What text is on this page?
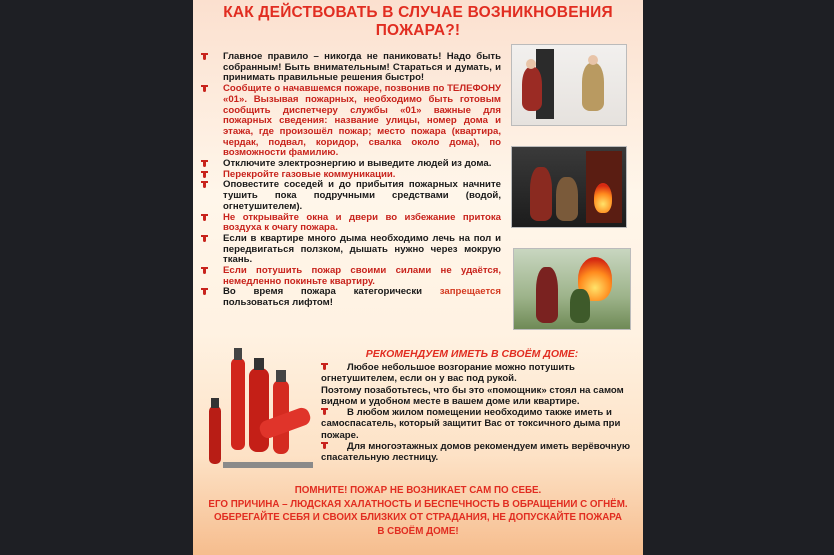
КАК ДЕЙСТВОВАТЬ В СЛУЧАЕ ВОЗНИКНОВЕНИЯ
ПОЖАРА?!
Главное правило – никогда не паниковать! Надо быть собранным! Быть внимательным! Стараться и думать, и принимать правильные решения быстро!
Сообщите о начавшемся пожаре, позвонив по ТЕЛЕФОНУ «01». Вызывая пожарных, необходимо быть готовым сообщить диспетчеру службы «01» важные для пожарных сведения: название улицы, номер дома и этажа, где произошёл пожар; место пожара (квартира, чердак, подвал, коридор, свалка около дома), по возможности фамилию.
Отключите электроэнергию и выведите людей из дома.
Перекройте газовые коммуникации.
Оповестите соседей и до прибытия пожарных начните тушить пока подручными средствами (водой, огнетушителем).
Не открывайте окна и двери во избежание притока воздуха к очагу пожара.
Если в квартире много дыма необходимо лечь на пол и передвигаться ползком, дышать нужно через мокрую ткань.
Если потушить пожар своими силами не удаётся, немедленно покиньте квартиру.
Во время пожара категорически запрещается пользоваться лифтом!
РЕКОМЕНДУЕМ ИМЕТЬ В СВОЁМ ДОМЕ:

Любое небольшое возгорание можно потушить огнетушителем, если он у вас под рукой.

Поэтому позаботьтесь, что бы это «помощник» стоял на самом видном и удобном месте в вашем доме или квартире.

В любом жилом помещении необходимо также иметь и самоспасатель, который защитит Вас от токсичного дыма при пожаре.

Для многоэтажных домов рекомендуем иметь верёвочную спасательную лестницу.

ПОМНИТЕ! ПОЖАР НЕ ВОЗНИКАЕТ САМ ПО СЕБЕ.
ЕГО ПРИЧИНА – ЛЮДСКАЯ ХАЛАТНОСТЬ И БЕСПЕЧНОСТЬ В ОБРАЩЕНИИ С ОГНЁМ.
ОБЕРЕГАЙТЕ СЕБЯ И СВОИХ БЛИЗКИХ ОТ СТРАДАНИЯ, НЕ ДОПУСКАЙТЕ ПОЖАРА
В СВОЁМ ДОМЕ!
